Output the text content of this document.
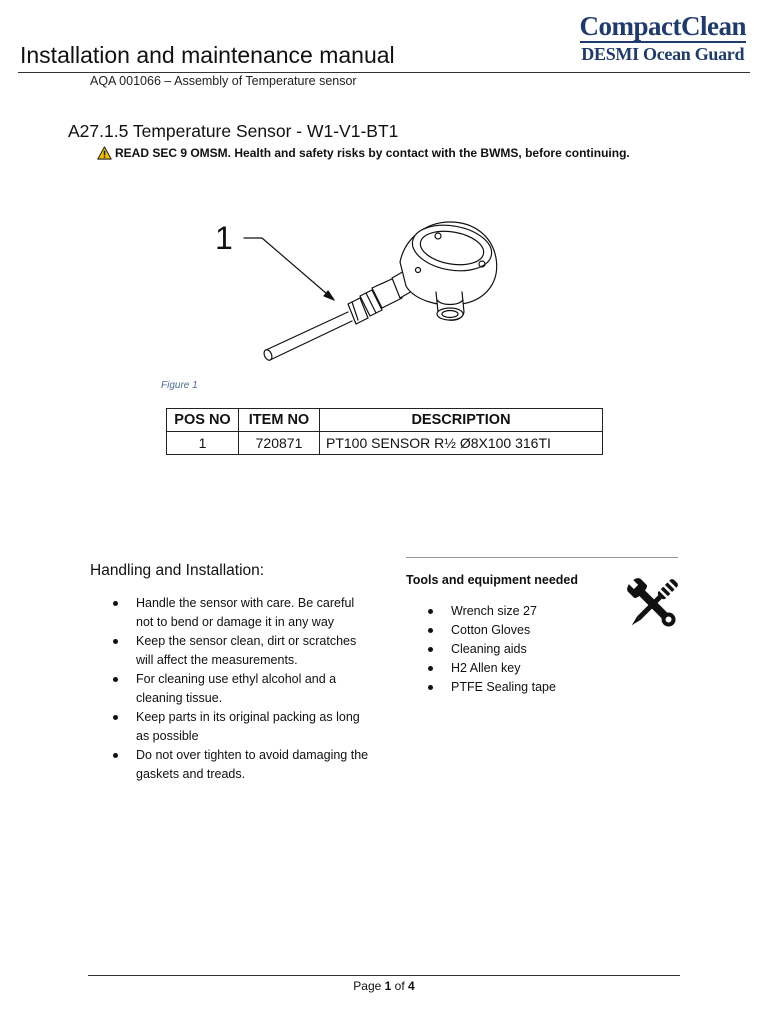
Installation and maintenance manual
AQA 001066 – Assembly of Temperature sensor
CompactClean
DESMI Ocean Guard
A27.1.5 Temperature Sensor - W1-V1-BT1
READ SEC 9 OMSM. Health and safety risks by contact with the BWMS, before continuing.
1
Figure 1
POS NO	ITEM NO	DESCRIPTION
1	720871	PT100 SENSOR R½ Ø8X100 316TI
Handling and Installation:
Handle the sensor with care. Be careful not to bend or damage it in any way
Keep the sensor clean, dirt or scratches will affect the measurements.
For cleaning use ethyl alcohol and a cleaning tissue.
Keep parts in its original packing as long as possible
Do not over tighten to avoid damaging the gaskets and treads.
Tools and equipment needed
Wrench size 27
Cotton Gloves
Cleaning aids
H2 Allen key
PTFE Sealing tape
Page 1 of 4
